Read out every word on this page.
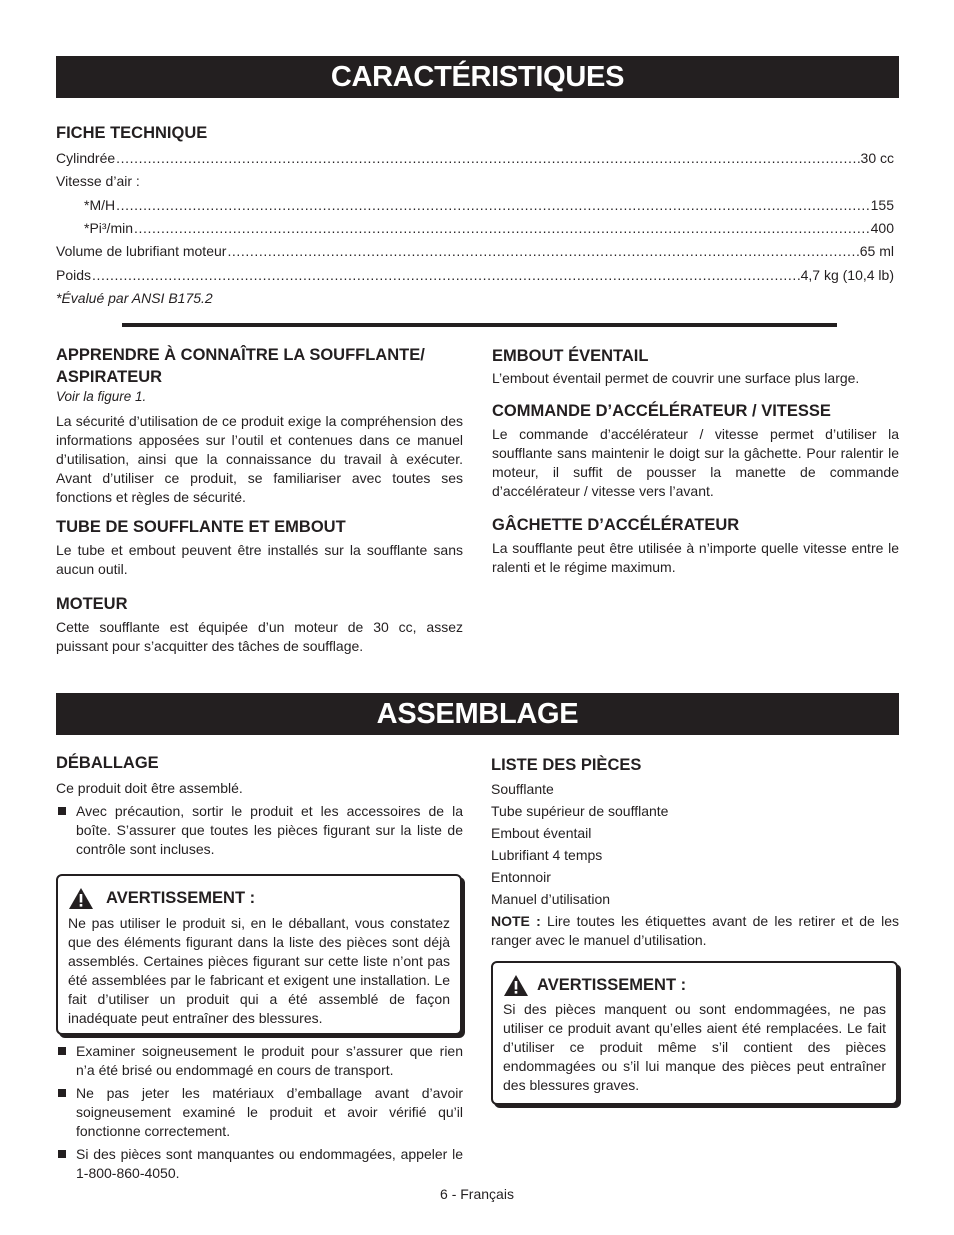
CARACTÉRISTIQUES
FICHE TECHNIQUE
Cylindrée .....	30 cc
Vitesse d’air :
*M/H .....	155
*Pi³/min .....	400
Volume de lubrifiant moteur .....	65 ml
Poids .....	4,7 kg (10,4 lb)
*Évalué par ANSI B175.2
APPRENDRE À CONNAÎTRE LA SOUFFLANTE/
ASPIRATEUR
Voir la figure 1.
La sécurité d’utilisation de ce produit exige la compréhension des informations apposées sur l’outil et contenues dans ce manuel d’utilisation, ainsi que la connaissance du travail à exécuter. Avant d’utiliser ce produit, se familiariser avec toutes ses fonctions et règles de sécurité.
TUBE DE SOUFFLANTE ET EMBOUT
Le tube et embout peuvent être installés sur la soufflante sans aucun outil.
MOTEUR
Cette soufflante est équipée d’un moteur de 30 cc, assez puissant pour s’acquitter des tâches de soufflage.
EMBOUT ÉVENTAIL
L’embout éventail permet de couvrir une surface plus large.
COMMANDE D’ACCÉLÉRATEUR / VITESSE
Le commande d’accélérateur / vitesse permet d’utiliser la soufflante sans maintenir le doigt sur la gâchette. Pour ralentir le moteur, il suffit de pousser la manette de commande d’accélérateur / vitesse vers l’avant.
GÂCHETTE D’ACCÉLÉRATEUR
La soufflante peut être utilisée à n’importe quelle vitesse entre le ralenti et le régime maximum.
ASSEMBLAGE
DÉBALLAGE
Ce produit doit être assemblé.
Avec précaution, sortir le produit et les accessoires de la boîte. S’assurer que toutes les pièces figurant sur la liste de contrôle sont incluses.
AVERTISSEMENT :
Ne pas utiliser le produit si, en le déballant, vous constatez que des éléments figurant dans la liste des pièces sont déjà assemblés. Certaines pièces figurant sur cette liste n’ont pas été assemblées par le fabricant et exigent une installation. Le fait d’utiliser un produit qui a été assemblé de façon inadéquate peut entraîner des blessures.
Examiner soigneusement le produit pour s’assurer que rien n’a été brisé ou endommagé en cours de transport.
Ne pas jeter les matériaux d’emballage avant d’avoir soigneusement examiné le produit et avoir vérifié qu’il fonctionne correctement.
Si des pièces sont manquantes ou endommagées, appeler le 1-800-860-4050.
LISTE DES PIÈCES
Soufflante
Tube supérieur de soufflante
Embout éventail
Lubrifiant 4 temps
Entonnoir
Manuel d’utilisation
NOTE : Lire toutes les étiquettes avant de les retirer et de les ranger avec le manuel d’utilisation.
AVERTISSEMENT :
Si des pièces manquent ou sont endommagées, ne pas utiliser ce produit avant qu’elles aient été remplacées. Le fait d’utiliser ce produit même s’il contient des pièces endommagées ou s’il lui manque des pièces peut entraîner des blessures graves.
6 - Français
